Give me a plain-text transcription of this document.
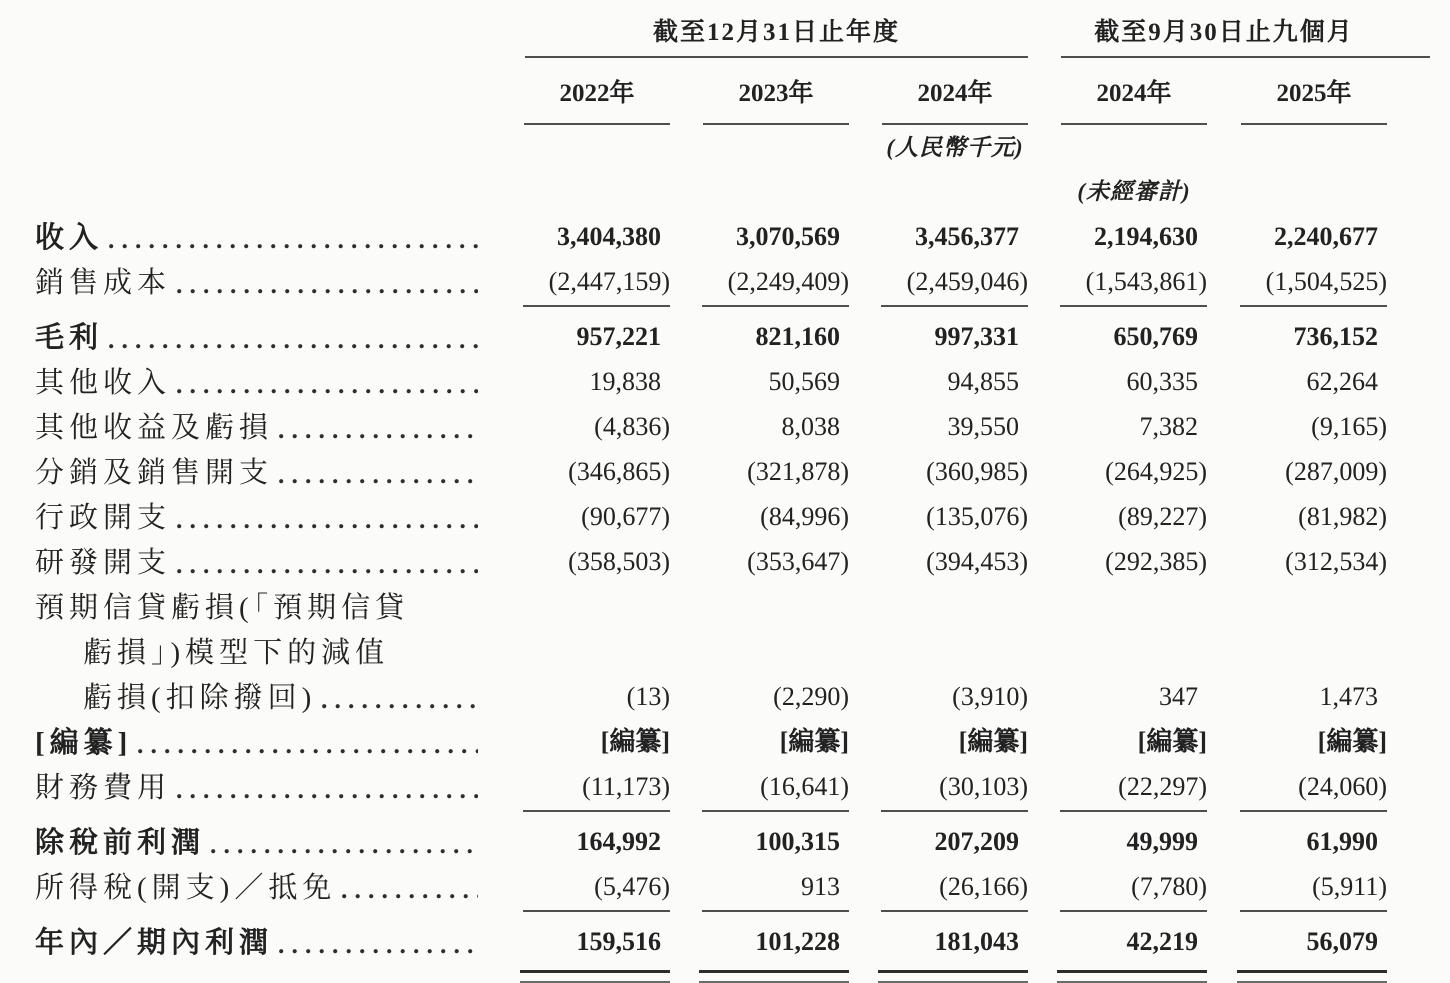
截至12月31日止年度	截至9月30日止九個月
2022年	2023年	2024年	2024年	2025年
(人民幣千元)
(未經審計)
收入	3,404,380	3,070,569	3,456,377	2,194,630	2,240,677
銷售成本	(2,447,159)	(2,249,409)	(2,459,046)	(1,543,861)	(1,504,525)
毛利	957,221	821,160	997,331	650,769	736,152
其他收入	19,838	50,569	94,855	60,335	62,264
其他收益及虧損	(4,836)	8,038	39,550	7,382	(9,165)
分銷及銷售開支	(346,865)	(321,878)	(360,985)	(264,925)	(287,009)
行政開支	(90,677)	(84,996)	(135,076)	(89,227)	(81,982)
研發開支	(358,503)	(353,647)	(394,453)	(292,385)	(312,534)
預期信貸虧損(「預期信貸
虧損」)模型下的減值
虧損(扣除撥回)	(13)	(2,290)	(3,910)	347	1,473
[編纂]	[編纂]	[編纂]	[編纂]	[編纂]	[編纂]
財務費用	(11,173)	(16,641)	(30,103)	(22,297)	(24,060)
除稅前利潤	164,992	100,315	207,209	49,999	61,990
所得稅(開支)／抵免	(5,476)	913	(26,166)	(7,780)	(5,911)
年內／期內利潤	159,516	101,228	181,043	42,219	56,079
